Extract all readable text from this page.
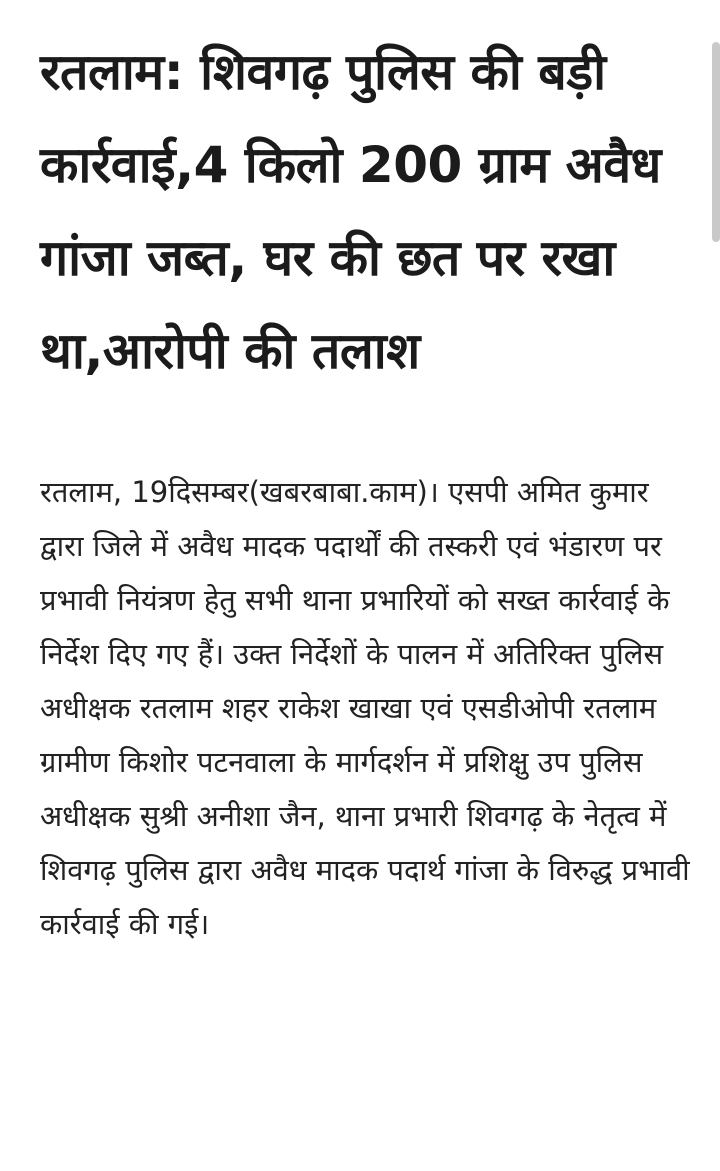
रतलाम: शिवगढ़ पुलिस की बड़ी कार्रवाई,4 किलो 200 ग्राम अवैध गांजा जब्त, घर की छत पर रखा था,आरोपी की तलाश

रतलाम, 19दिसम्बर(खबरबाबा.काम)। एसपी अमित कुमार द्वारा जिले में अवैध मादक पदार्थों की तस्करी एवं भंडारण पर प्रभावी नियंत्रण हेतु सभी थाना प्रभारियों को सख्त कार्रवाई के निर्देश दिए गए हैं। उक्त निर्देशों के पालन में अतिरिक्त पुलिस अधीक्षक रतलाम शहर राकेश खाखा एवं एसडीओपी रतलाम ग्रामीण किशोर पटनवाला के मार्गदर्शन में प्रशिक्षु उप पुलिस अधीक्षक सुश्री अनीशा जैन, थाना प्रभारी शिवगढ़ के नेतृत्व में शिवगढ़ पुलिस द्वारा अवैध मादक पदार्थ गांजा के विरुद्ध प्रभावी कार्रवाई की गई।
